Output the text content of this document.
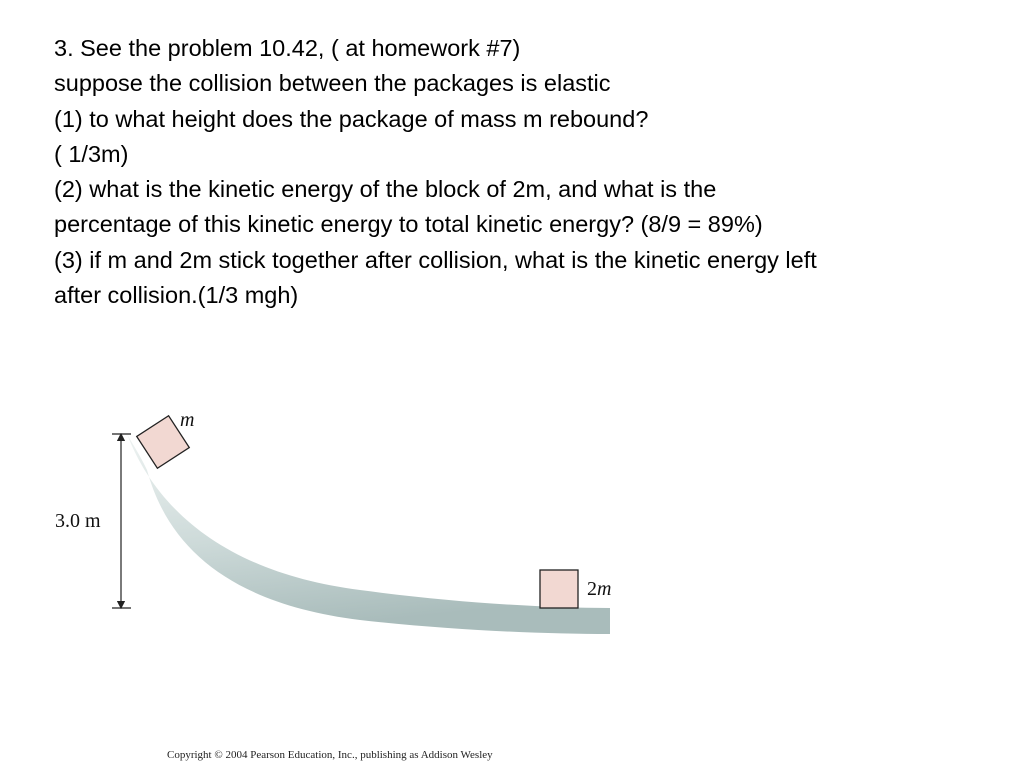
3. See the problem 10.42, ( at homework #7)
suppose the collision between the packages is elastic
(1) to what height does the package of mass m rebound?
( 1/3m)
(2) what is the kinetic energy of the block of 2m, and what is the
percentage of this kinetic energy to total kinetic energy? (8/9 = 89%)
(3) if m and 2m stick together after collision, what is the kinetic energy left
after collision.(1/3 mgh)
m
3.0 m
2m
Copyright © 2004 Pearson Education, Inc., publishing as Addison Wesley
